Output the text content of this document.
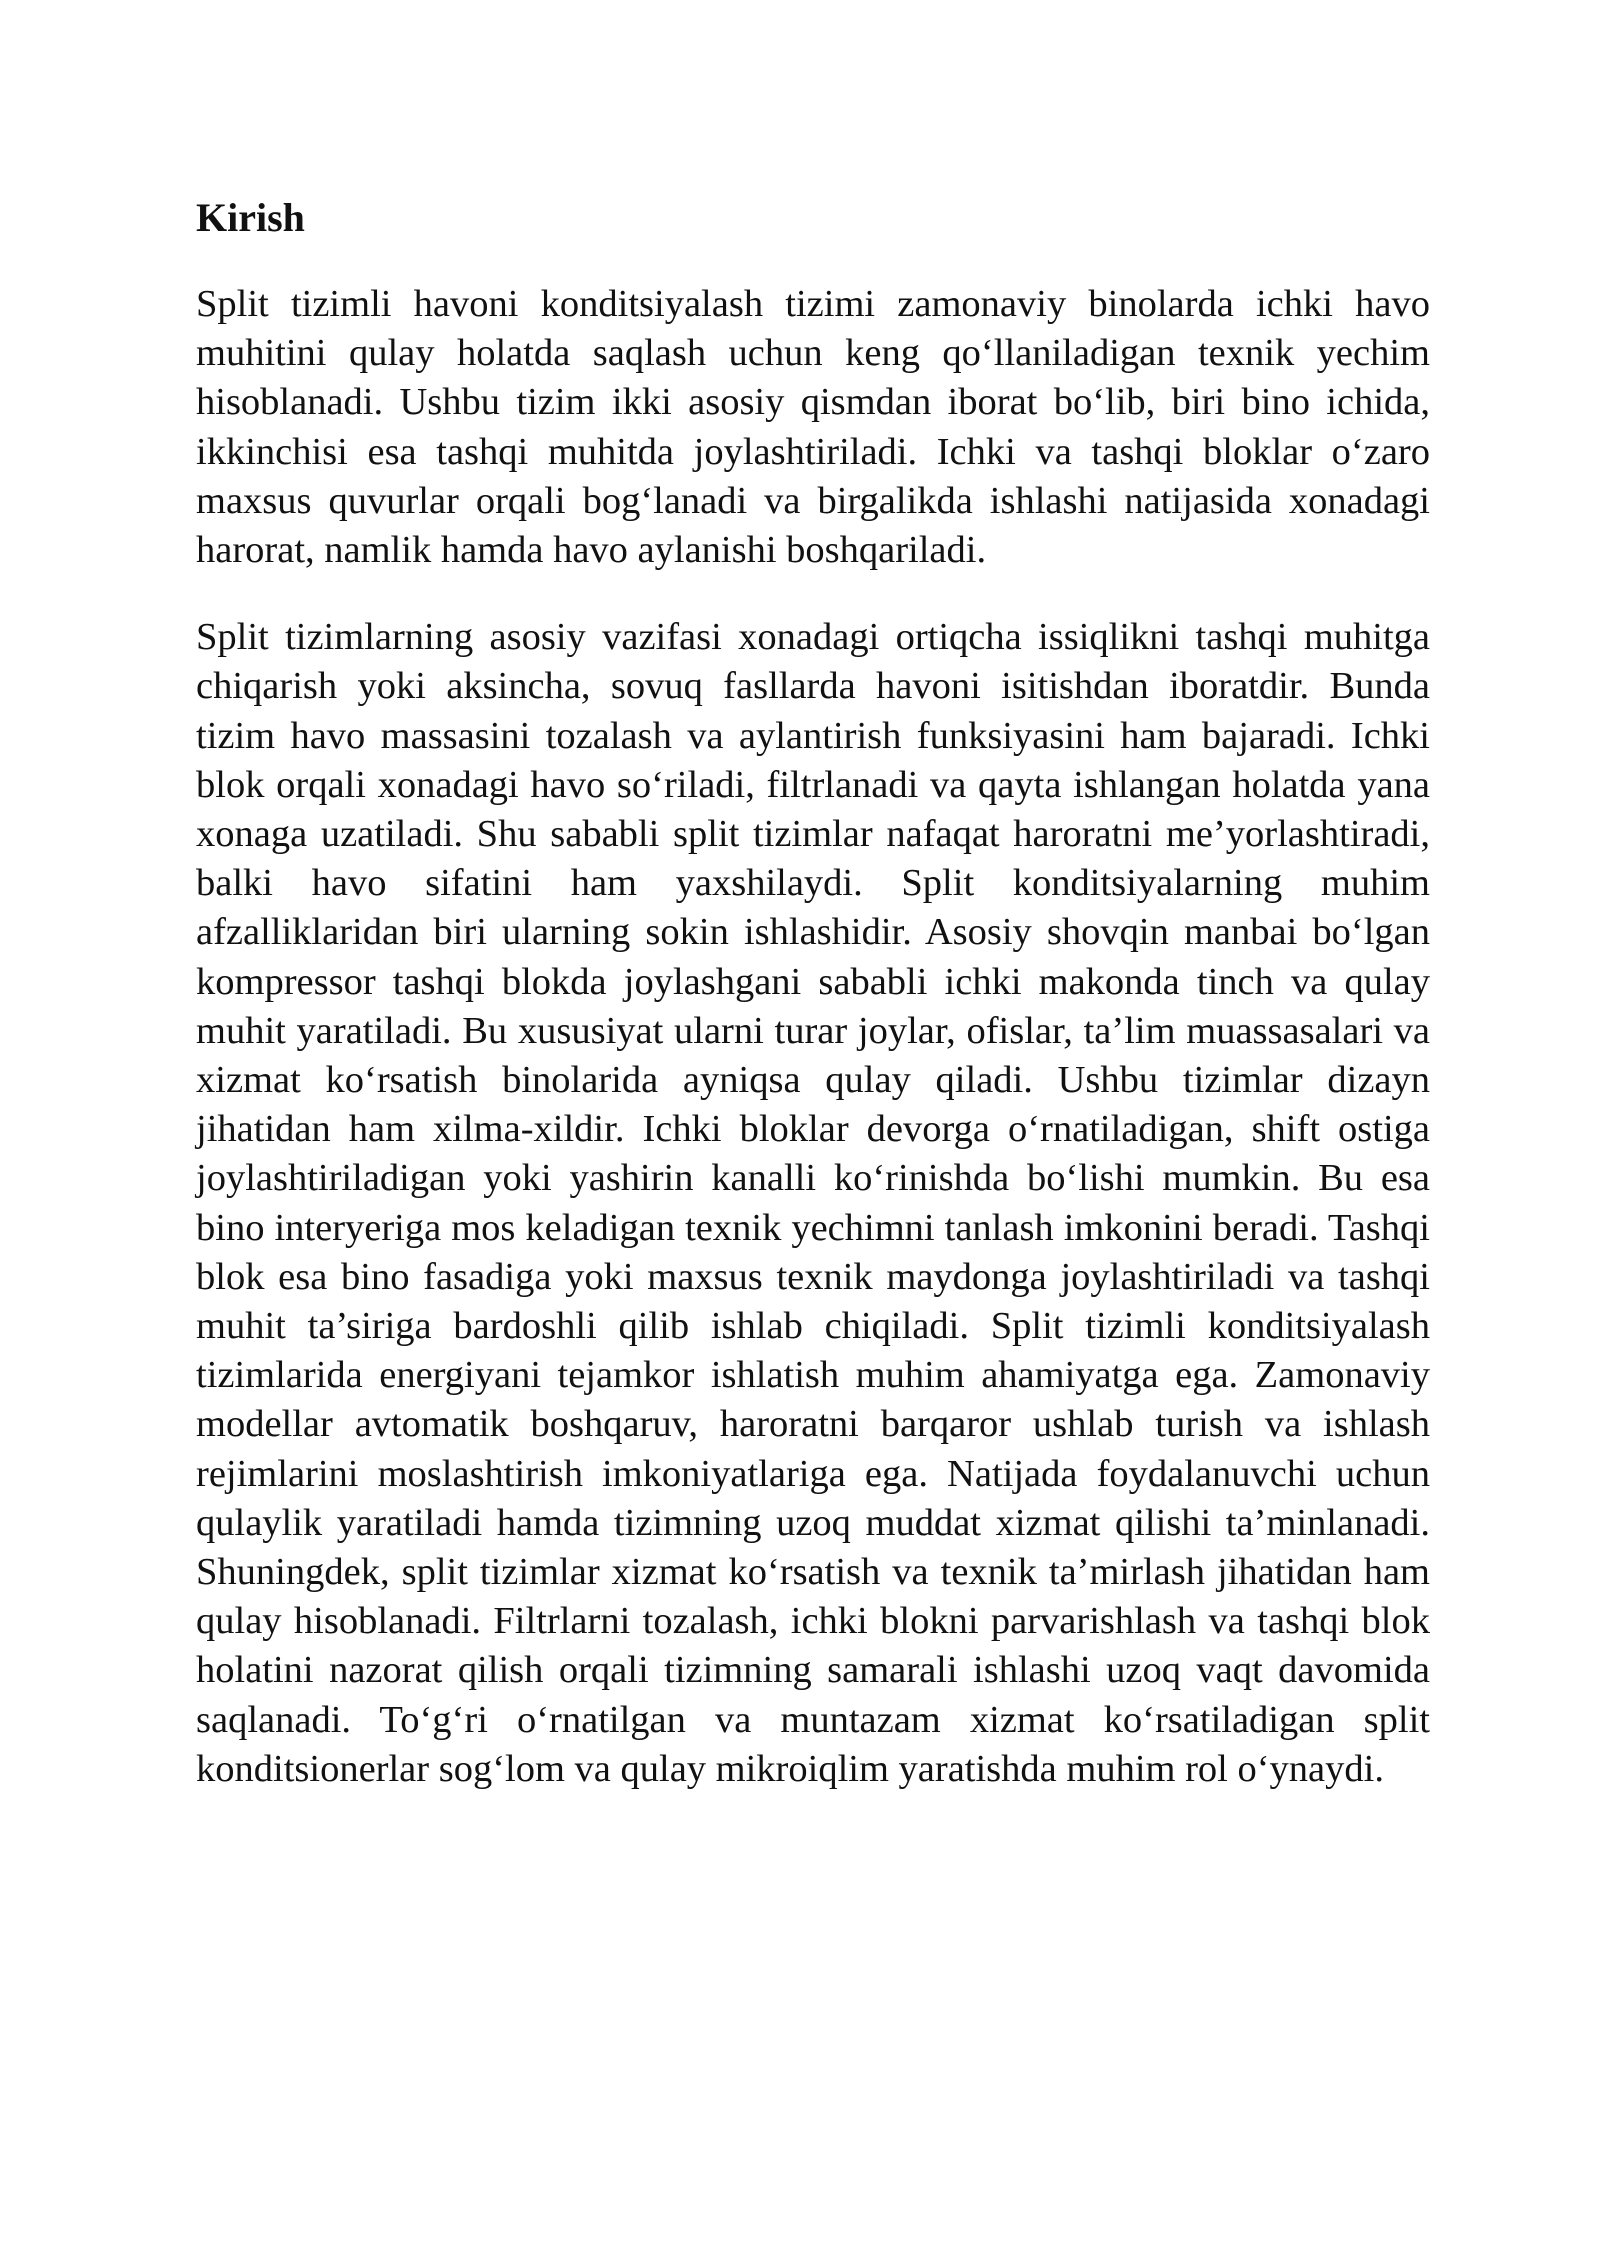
Kirish

Split tizimli havoni konditsiyalash tizimi zamonaviy binolarda ichki havo muhitini qulay holatda saqlash uchun keng qo‘llaniladigan texnik yechim hisoblanadi. Ushbu tizim ikki asosiy qismdan iborat bo‘lib, biri bino ichida, ikkinchisi esa tashqi muhitda joylashtiriladi. Ichki va tashqi bloklar o‘zaro maxsus quvurlar orqali bog‘lanadi va birgalikda ishlashi natijasida xonadagi harorat, namlik hamda havo aylanishi boshqariladi.

Split tizimlarning asosiy vazifasi xonadagi ortiqcha issiqlikni tashqi muhitga chiqarish yoki aksincha, sovuq fasllarda havoni isitishdan iboratdir. Bunda tizim havo massasini tozalash va aylantirish funksiyasini ham bajaradi. Ichki blok orqali xonadagi havo so‘riladi, filtrlanadi va qayta ishlangan holatda yana xonaga uzatiladi. Shu sababli split tizimlar nafaqat haroratni me’yorlashtiradi, balki havo sifatini ham yaxshilaydi. Split konditsiyalarning muhim afzalliklaridan biri ularning sokin ishlashidir. Asosiy shovqin manbai bo‘lgan kompressor tashqi blokda joylashgani sababli ichki makonda tinch va qulay muhit yaratiladi. Bu xususiyat ularni turar joylar, ofislar, ta’lim muassasalari va xizmat ko‘rsatish binolarida ayniqsa qulay qiladi. Ushbu tizimlar dizayn jihatidan ham xilma-xildir. Ichki bloklar devorga o‘rnatiladigan, shift ostiga joylashtiriladigan yoki yashirin kanalli ko‘rinishda bo‘lishi mumkin. Bu esa bino interyeriga mos keladigan texnik yechimni tanlash imkonini beradi. Tashqi blok esa bino fasadiga yoki maxsus texnik maydonga joylashtiriladi va tashqi muhit ta’siriga bardoshli qilib ishlab chiqiladi. Split tizimli konditsiyalash tizimlarida energiyani tejamkor ishlatish muhim ahamiyatga ega. Zamonaviy modellar avtomatik boshqaruv, haroratni barqaror ushlab turish va ishlash rejimlarini moslashtirish imkoniyatlariga ega. Natijada foydalanuvchi uchun qulaylik yaratiladi hamda tizimning uzoq muddat xizmat qilishi ta’minlanadi. Shuningdek, split tizimlar xizmat ko‘rsatish va texnik ta’mirlash jihatidan ham qulay hisoblanadi. Filtrlarni tozalash, ichki blokni parvarishlash va tashqi blok holatini nazorat qilish orqali tizimning samarali ishlashi uzoq vaqt davomida saqlanadi. To‘g‘ri o‘rnatilgan va muntazam xizmat ko‘rsatiladigan split konditsionerlar sog‘lom va qulay mikroiqlim yaratishda muhim rol o‘ynaydi.
